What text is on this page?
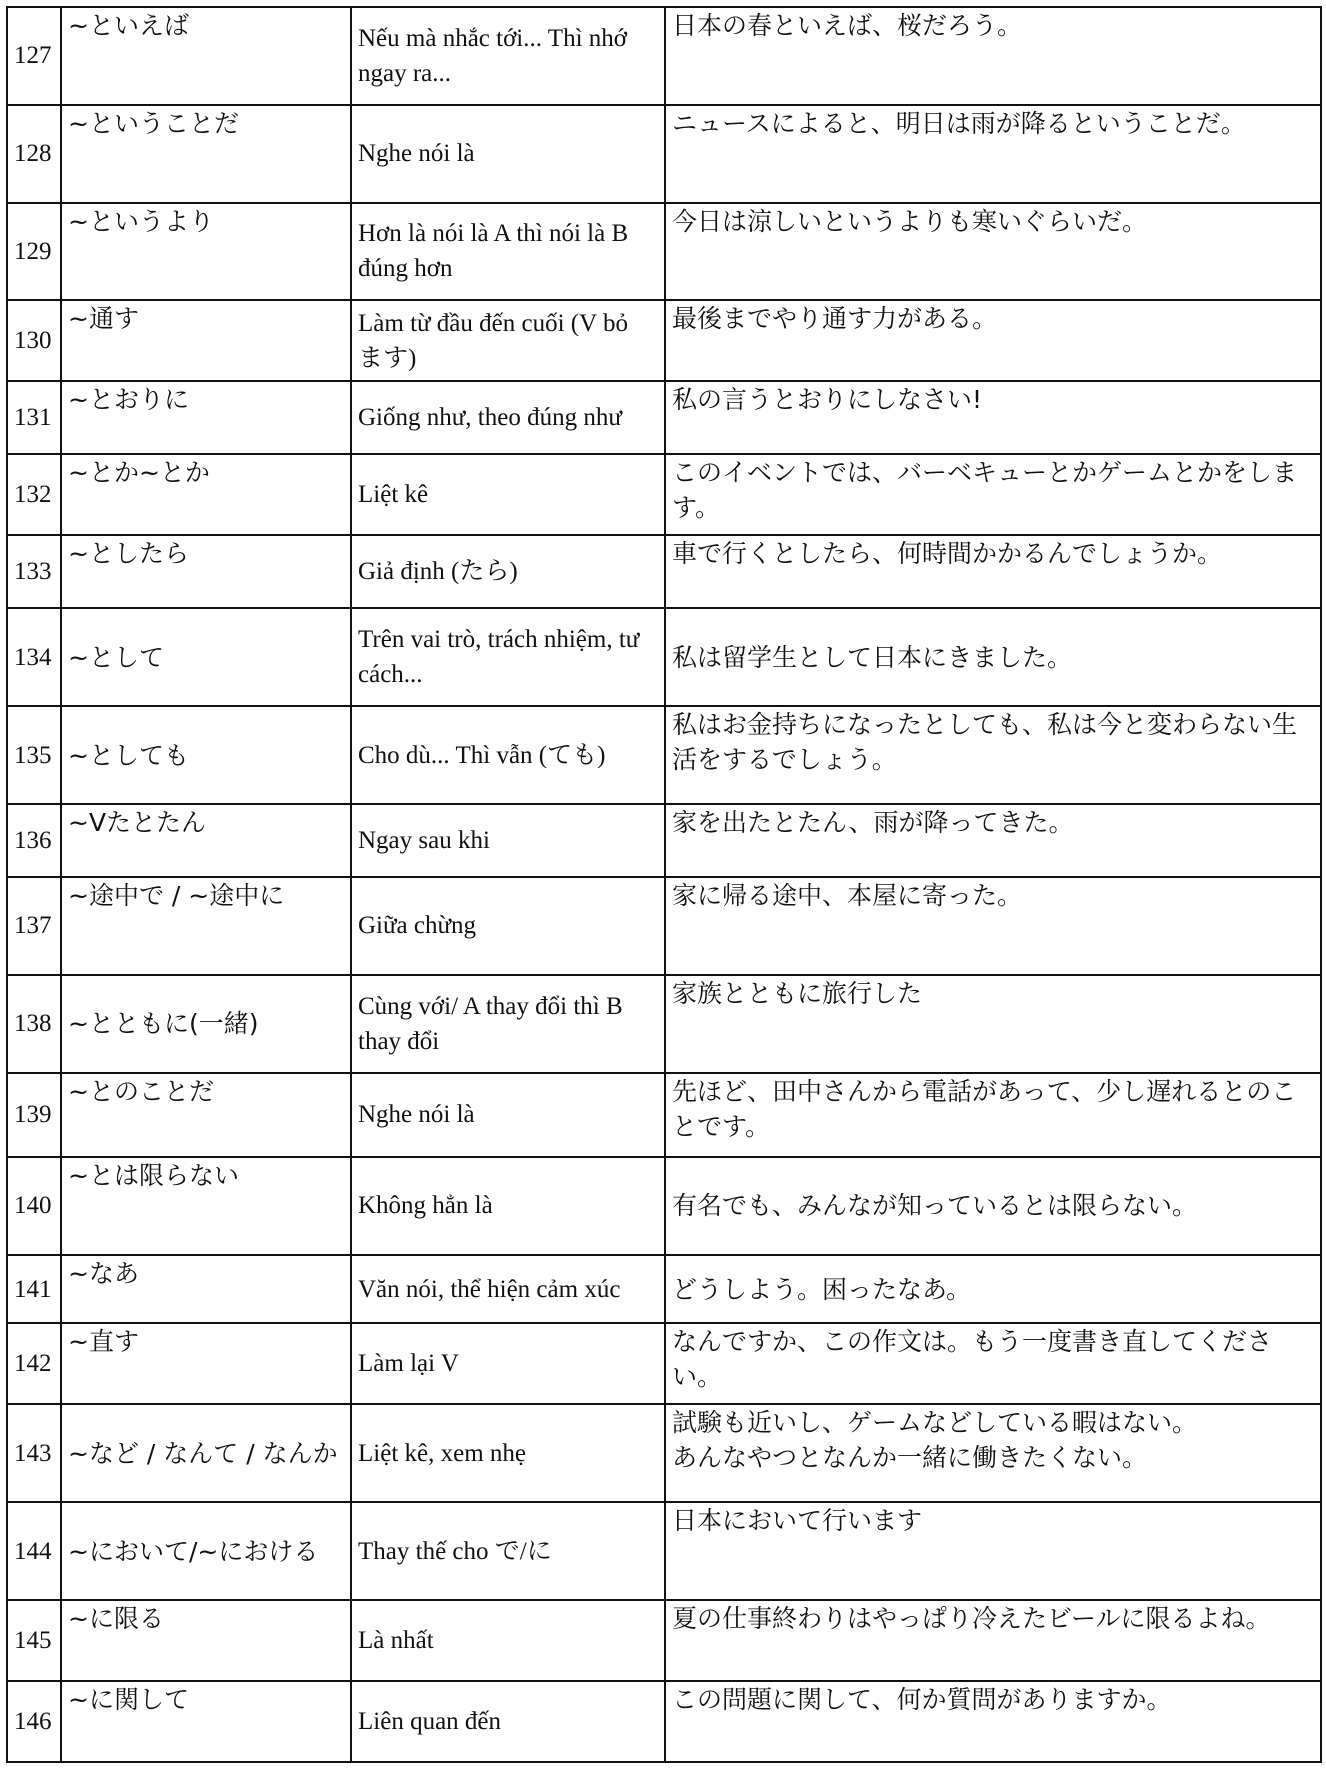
127	~といえば	Nếu mà nhắc tới... Thì nhớ ngay ra...	日本の春といえば、桜だろう。
128	~ということだ	Nghe nói là	ニュースによると、明日は雨が降るということだ。
129	~というより	Hơn là nói là A thì nói là B đúng hơn	今日は涼しいというよりも寒いぐらいだ。
130	~通す	Làm từ đầu đến cuối (V bỏ ます)	最後までやり通す力がある。
131	~とおりに	Giống như, theo đúng như	私の言うとおりにしなさい!
132	~とか~とか	Liệt kê	このイベントでは、バーベキューとかゲームとかをします。
133	~としたら	Giả định (たら)	車で行くとしたら、何時間かかるんでしょうか。
134	~として	Trên vai trò, trách nhiệm, tư cách...	私は留学生として日本にきました。
135	~としても	Cho dù... Thì vẫn (ても)	私はお金持ちになったとしても、私は今と変わらない生活をするでしょう。
136	~Vたとたん	Ngay sau khi	家を出たとたん、雨が降ってきた。
137	~途中で / ~途中に	Giữa chừng	家に帰る途中、本屋に寄った。
138	~とともに(一緒)	Cùng với/ A thay đổi thì B thay đổi	家族とともに旅行した
139	~とのことだ	Nghe nói là	先ほど、田中さんから電話があって、少し遅れるとのことです。
140	~とは限らない	Không hẳn là	有名でも、みんなが知っているとは限らない。
141	~なあ	Văn nói, thể hiện cảm xúc	どうしよう。困ったなあ。
142	~直す	Làm lại V	なんですか、この作文は。もう一度書き直してください。
143	~など / なんて / なんか	Liệt kê, xem nhẹ	試験も近いし、ゲームなどしている暇はない。
あんなやつとなんか一緒に働きたくない。
144	~において/~における	Thay thế cho で/に	日本において行います
145	~に限る	Là nhất	夏の仕事終わりはやっぱり冷えたビールに限るよね。
146	~に関して	Liên quan đến	この問題に関して、何か質問がありますか。
